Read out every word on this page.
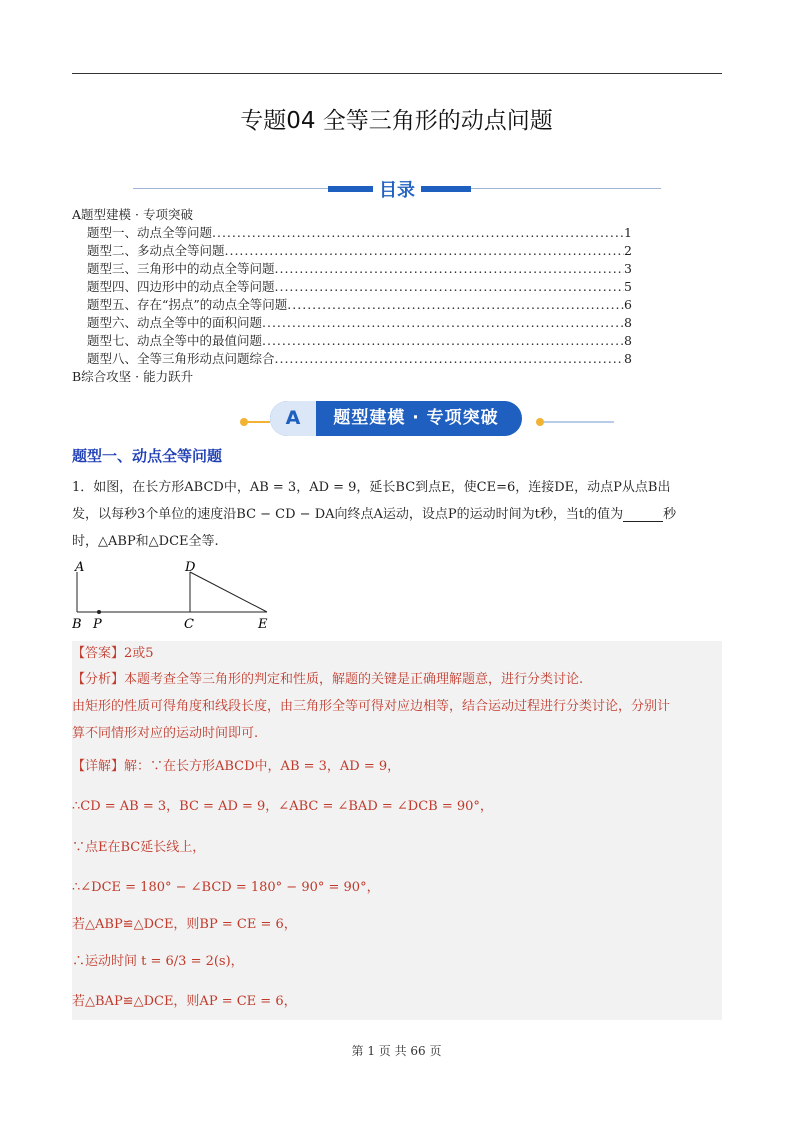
专题04 全等三角形的动点问题
目录
A题型建模 · 专项突破
题型一、动点全等问题 .....	1
题型二、多动点全等问题 .....	2
题型三、三角形中的动点全等问题 .....	3
题型四、四边形中的动点全等问题 .....	5
题型五、存在“拐点”的动点全等问题 .....	6
题型六、动点全等中的面积问题 .....	8
题型七、动点全等中的最值问题 .....	8
题型八、全等三角形动点问题综合 .....	8
B综合攻坚 · 能力跃升
A	题型建模 · 专项突破
题型一、动点全等问题
1．如图，在长方形ABCD中，AB = 3，AD = 9，延长BC到点E，使CE=6，连接DE，动点P从点B出
发，以每秒3个单位的速度沿BC − CD − DA向终点A运动，设点P的运动时间为t秒，当t的值为	秒
时，△ABP和△DCE全等.
A
B P	C
D
E
【答案】2或5
【分析】本题考查全等三角形的判定和性质，解题的关键是正确理解题意，进行分类讨论.
由矩形的性质可得角度和线段长度，由三角形全等可得对应边相等，结合运动过程进行分类讨论，分别计
算不同情形对应的运动时间即可.
【详解】解：∵在长方形ABCD中，AB = 3，AD = 9，
∴CD = AB = 3，BC = AD = 9，∠ABC = ∠BAD = ∠DCB = 90°，
∵点E在BC延长线上，
∴∠DCE = 180° − ∠BCD = 180° − 90° = 90°，
若△ABP≌△DCE，则BP = CE = 6，
∴运动时间 t = 6/3 = 2(s)，
若△BAP≌△DCE，则AP = CE = 6，
第 1 页 共 66 页
